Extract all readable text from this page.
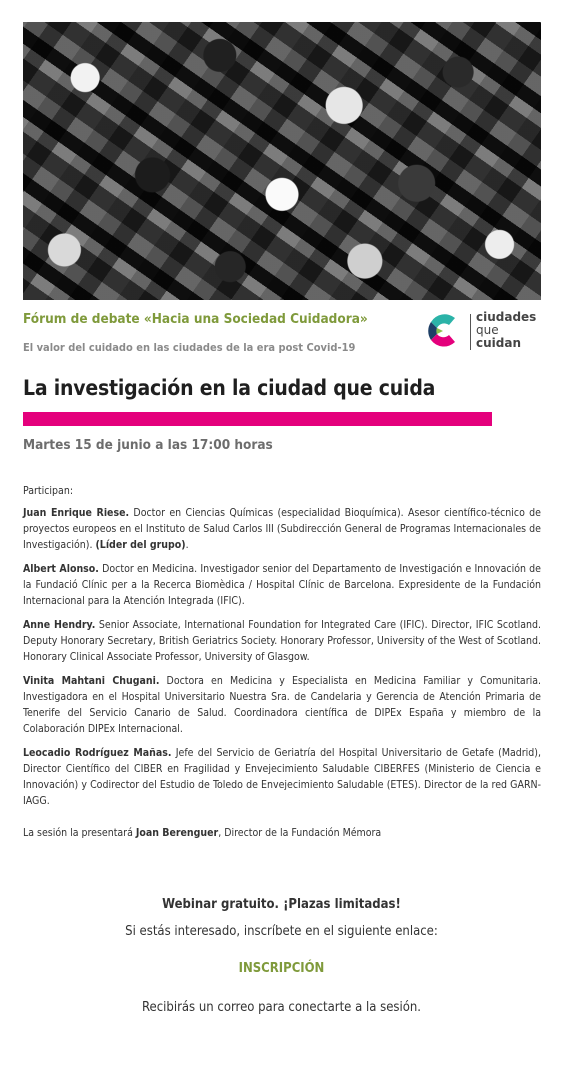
Fórum de debate «Hacia una Sociedad Cuidadora»
El valor del cuidado en las ciudades de la era post Covid-19
ciudades
que
cuidan
La investigación en la ciudad que cuida
Martes 15 de junio a las 17:00 horas

Participan:

Juan Enrique Riese. Doctor en Ciencias Químicas (especialidad Bioquímica). Asesor científico-técnico de proyectos europeos en el Instituto de Salud Carlos III (Subdirección General de Programas Internacionales de Investigación). (Líder del grupo).

Albert Alonso. Doctor en Medicina. Investigador senior del Departamento de Investigación e Innovación de la Fundació Clínic per a la Recerca Biomèdica / Hospital Clínic de Barcelona. Expresidente de la Fundación Internacional para la Atención Integrada (IFIC).

Anne Hendry. Senior Associate, International Foundation for Integrated Care (IFIC). Director, IFIC Scotland. Deputy Honorary Secretary, British Geriatrics Society. Honorary Professor, University of the West of Scotland. Honorary Clinical Associate Professor, University of Glasgow.

Vinita Mahtani Chugani. Doctora en Medicina y Especialista en Medicina Familiar y Comunitaria. Investigadora en el Hospital Universitario Nuestra Sra. de Candelaria y Gerencia de Atención Primaria de Tenerife del Servicio Canario de Salud. Coordinadora científica de DIPEx España y miembro de la Colaboración DIPEx Internacional.

Leocadio Rodríguez Mañas. Jefe del Servicio de Geriatría del Hospital Universitario de Getafe (Madrid), Director Científico del CIBER en Fragilidad y Envejecimiento Saludable CIBERFES (Ministerio de Ciencia e Innovación) y Codirector del Estudio de Toledo de Envejecimiento Saludable (ETES). Director de la red GARN-IAGG.

La sesión la presentará Joan Berenguer, Director de la Fundación Mémora
Webinar gratuito. ¡Plazas limitadas!
Si estás interesado, inscríbete en el siguiente enlace:
INSCRIPCIÓN
Recibirás un correo para conectarte a la sesión.
